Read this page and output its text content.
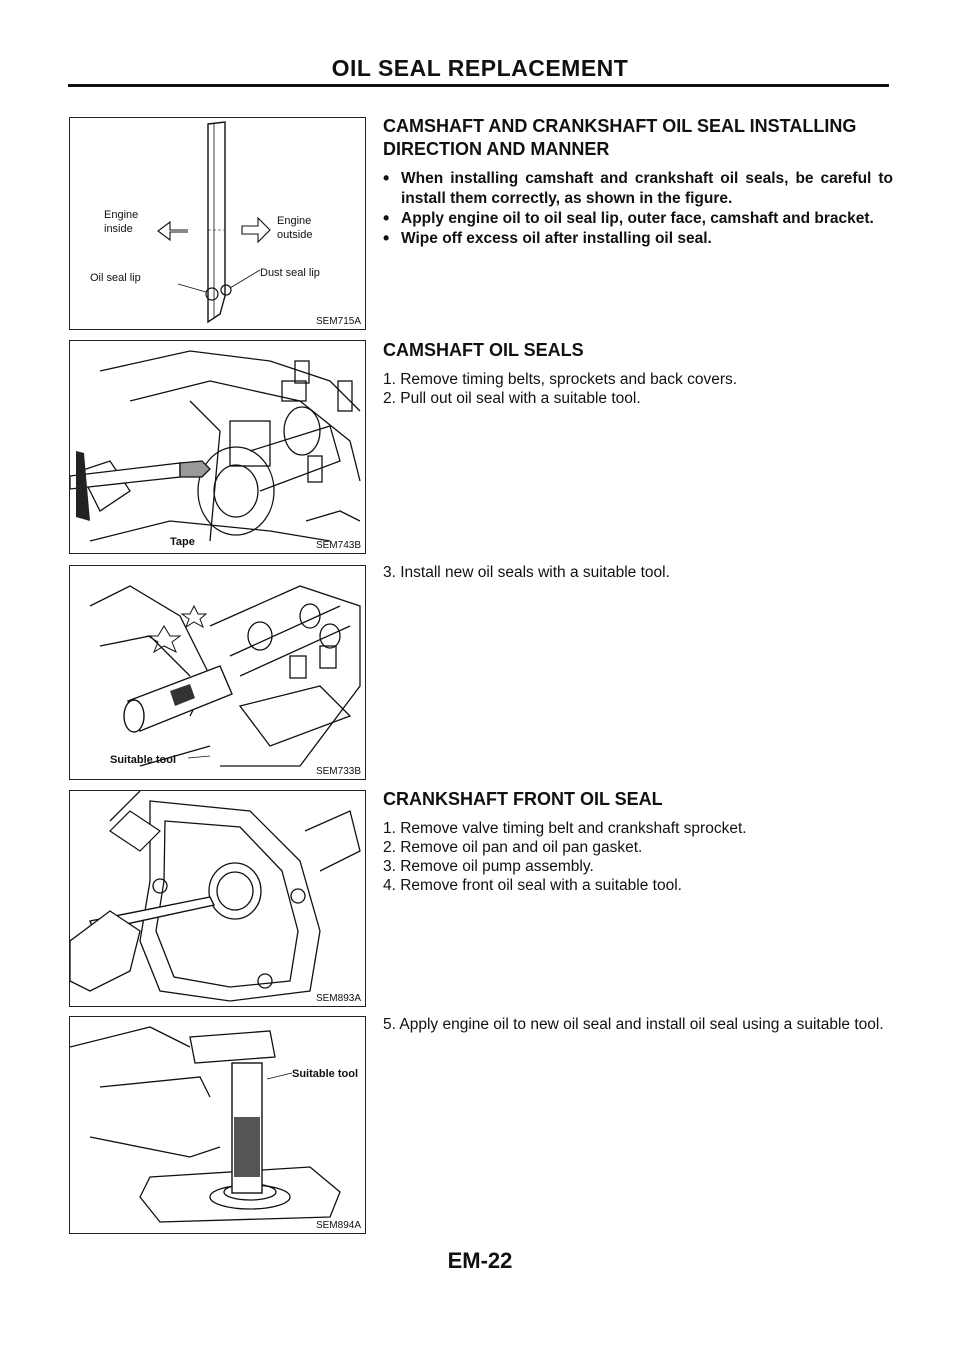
OIL SEAL REPLACEMENT
Engine
inside
Engine
outside
Oil seal lip	Dust seal lip
SEM715A
Tape	SEM743B
Suitable tool
SEM733B
SEM893A
Suitable tool
SEM894A
CAMSHAFT AND CRANKSHAFT OIL SEAL INSTALLING DIRECTION AND MANNER
• When installing camshaft and crankshaft oil seals, be careful to install them correctly, as shown in the figure.
• Apply engine oil to oil seal lip, outer face, camshaft and bracket.
• Wipe off excess oil after installing oil seal.
CAMSHAFT OIL SEALS
1. Remove timing belts, sprockets and back covers.
2. Pull out oil seal with a suitable tool.
3. Install new oil seals with a suitable tool.
CRANKSHAFT FRONT OIL SEAL
1. Remove valve timing belt and crankshaft sprocket.
2. Remove oil pan and oil pan gasket.
3. Remove oil pump assembly.
4. Remove front oil seal with a suitable tool.
5. Apply engine oil to new oil seal and install oil seal using a suitable tool.
EM-22
